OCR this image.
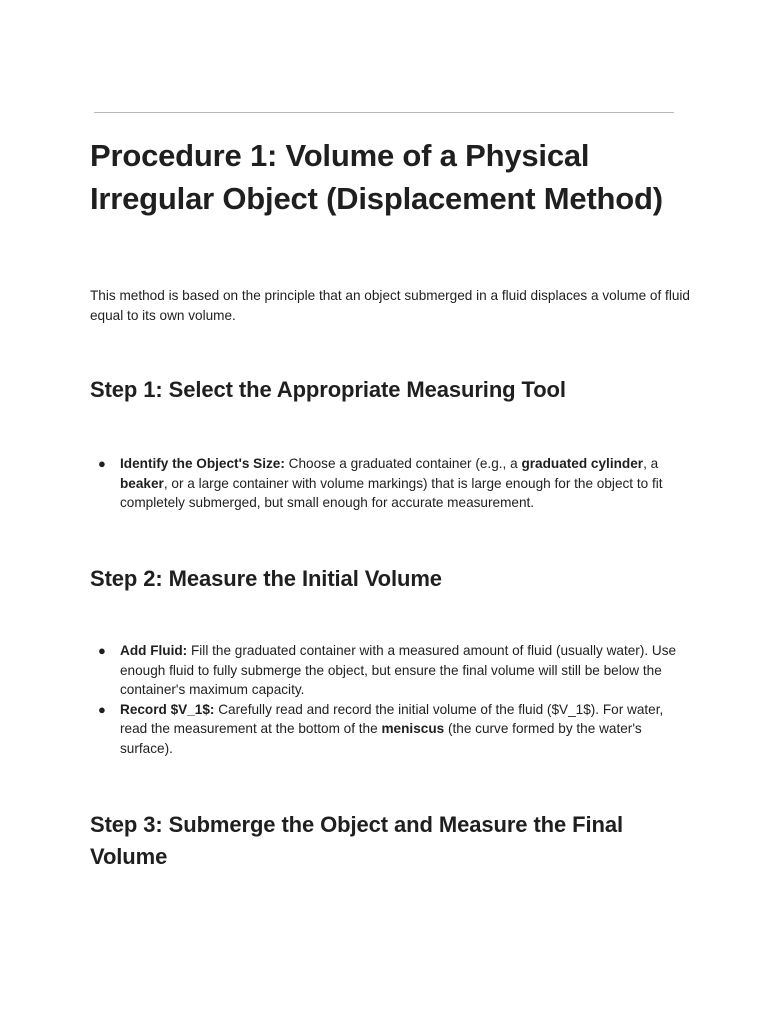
Procedure 1: Volume of a Physical Irregular Object (Displacement Method)

This method is based on the principle that an object submerged in a fluid displaces a volume of fluid equal to its own volume.

Step 1: Select the Appropriate Measuring Tool
● Identify the Object's Size: Choose a graduated container (e.g., a graduated cylinder, a beaker, or a large container with volume markings) that is large enough for the object to fit completely submerged, but small enough for accurate measurement.
Step 2: Measure the Initial Volume
● Add Fluid: Fill the graduated container with a measured amount of fluid (usually water). Use enough fluid to fully submerge the object, but ensure the final volume will still be below the container's maximum capacity.
● Record $V_1$: Carefully read and record the initial volume of the fluid ($V_1$). For water, read the measurement at the bottom of the meniscus (the curve formed by the water's surface).
Step 3: Submerge the Object and Measure the Final Volume
